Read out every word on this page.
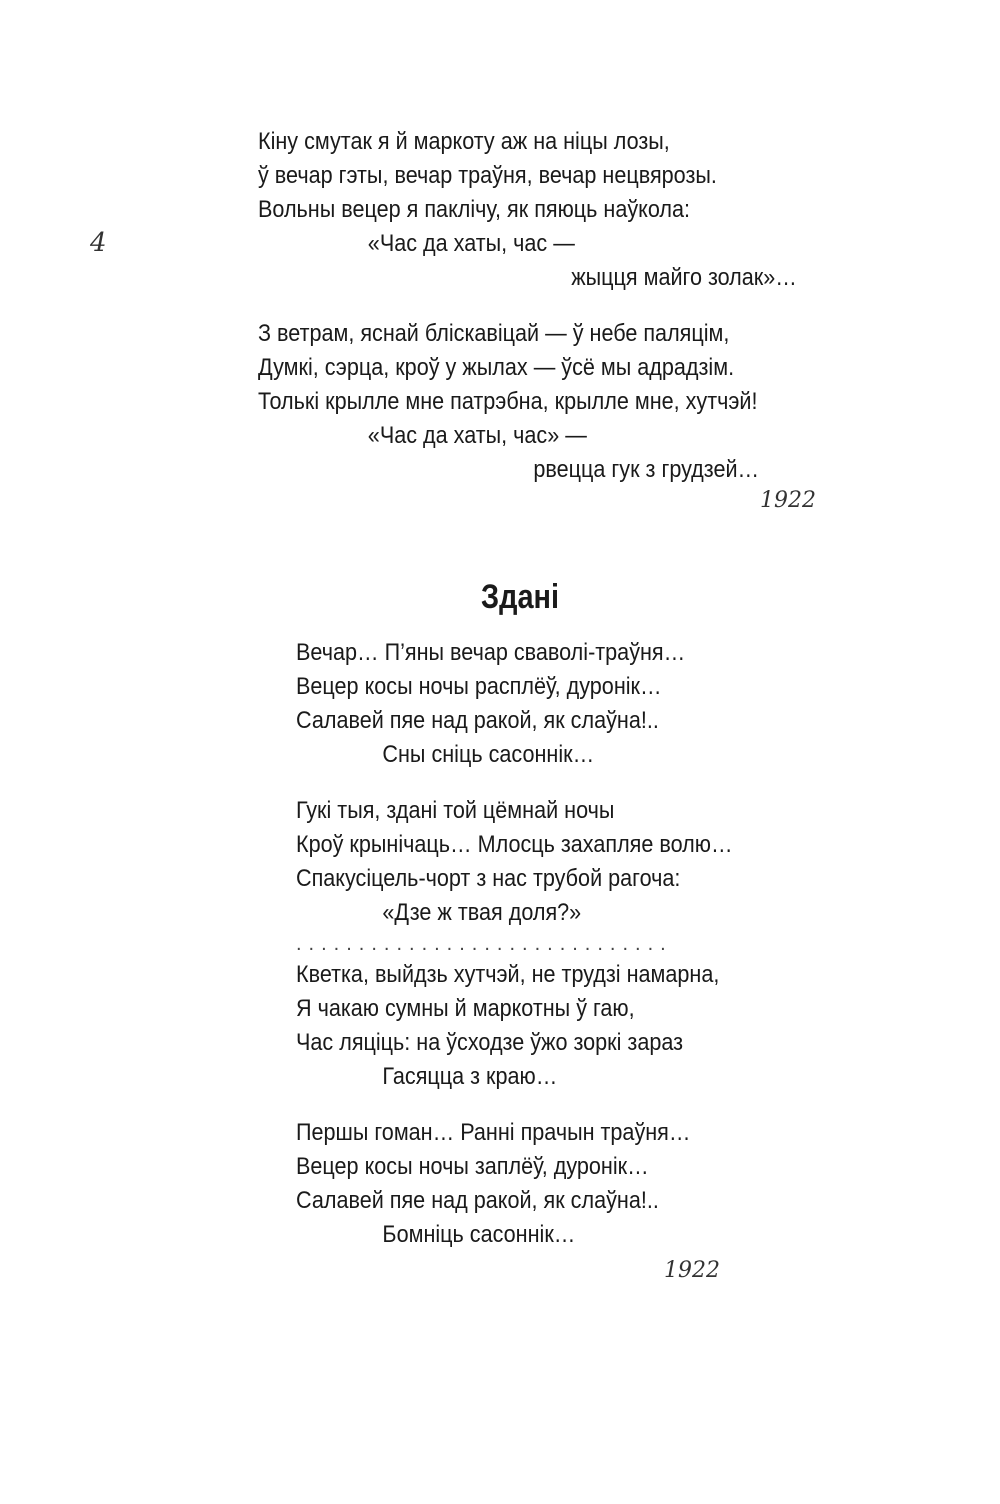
4
Кіну смутак я й маркоту аж на ніцы лозы,
ў вечар гэты, вечар траўня, вечар нецвярозы.
Вольны вецер я паклічу, як пяюць наўкола:
«Час да хаты, час —
жыцця майго золак»…
З ветрам, яснай бліскавіцай — ў небе паляцім,
Думкі, сэрца, кроў у жылах — ўсё мы адрадзім.
Толькі крылле мне патрэбна, крылле мне, хутчэй!
«Час да хаты, час» —
рвецца гук з грудзей…
1922
Здані
Вечар… П’яны вечар сваволі-траўня…
Вецер косы ночы расплёў, дуронік…
Салавей пяе над ракой, як слаўна!..
Сны сніць сасоннік…
Гукі тыя, здані той цёмнай ночы
Кроў крынічаць… Млосць захапляе волю…
Спакусіцель-чорт з нас трубой рагоча:
«Дзе ж твая доля?»
..............................
Кветка, выйдзь хутчэй, не трудзі намарна,
Я чакаю сумны й маркотны ў гаю,
Час ляціць: на ўсходзе ўжо зоркі зараз
Гасяцца з краю…
Першы гоман… Ранні прачын траўня…
Вецер косы ночы заплёў, дуронік…
Салавей пяе над ракой, як слаўна!..
Бомніць сасоннік…
1922
